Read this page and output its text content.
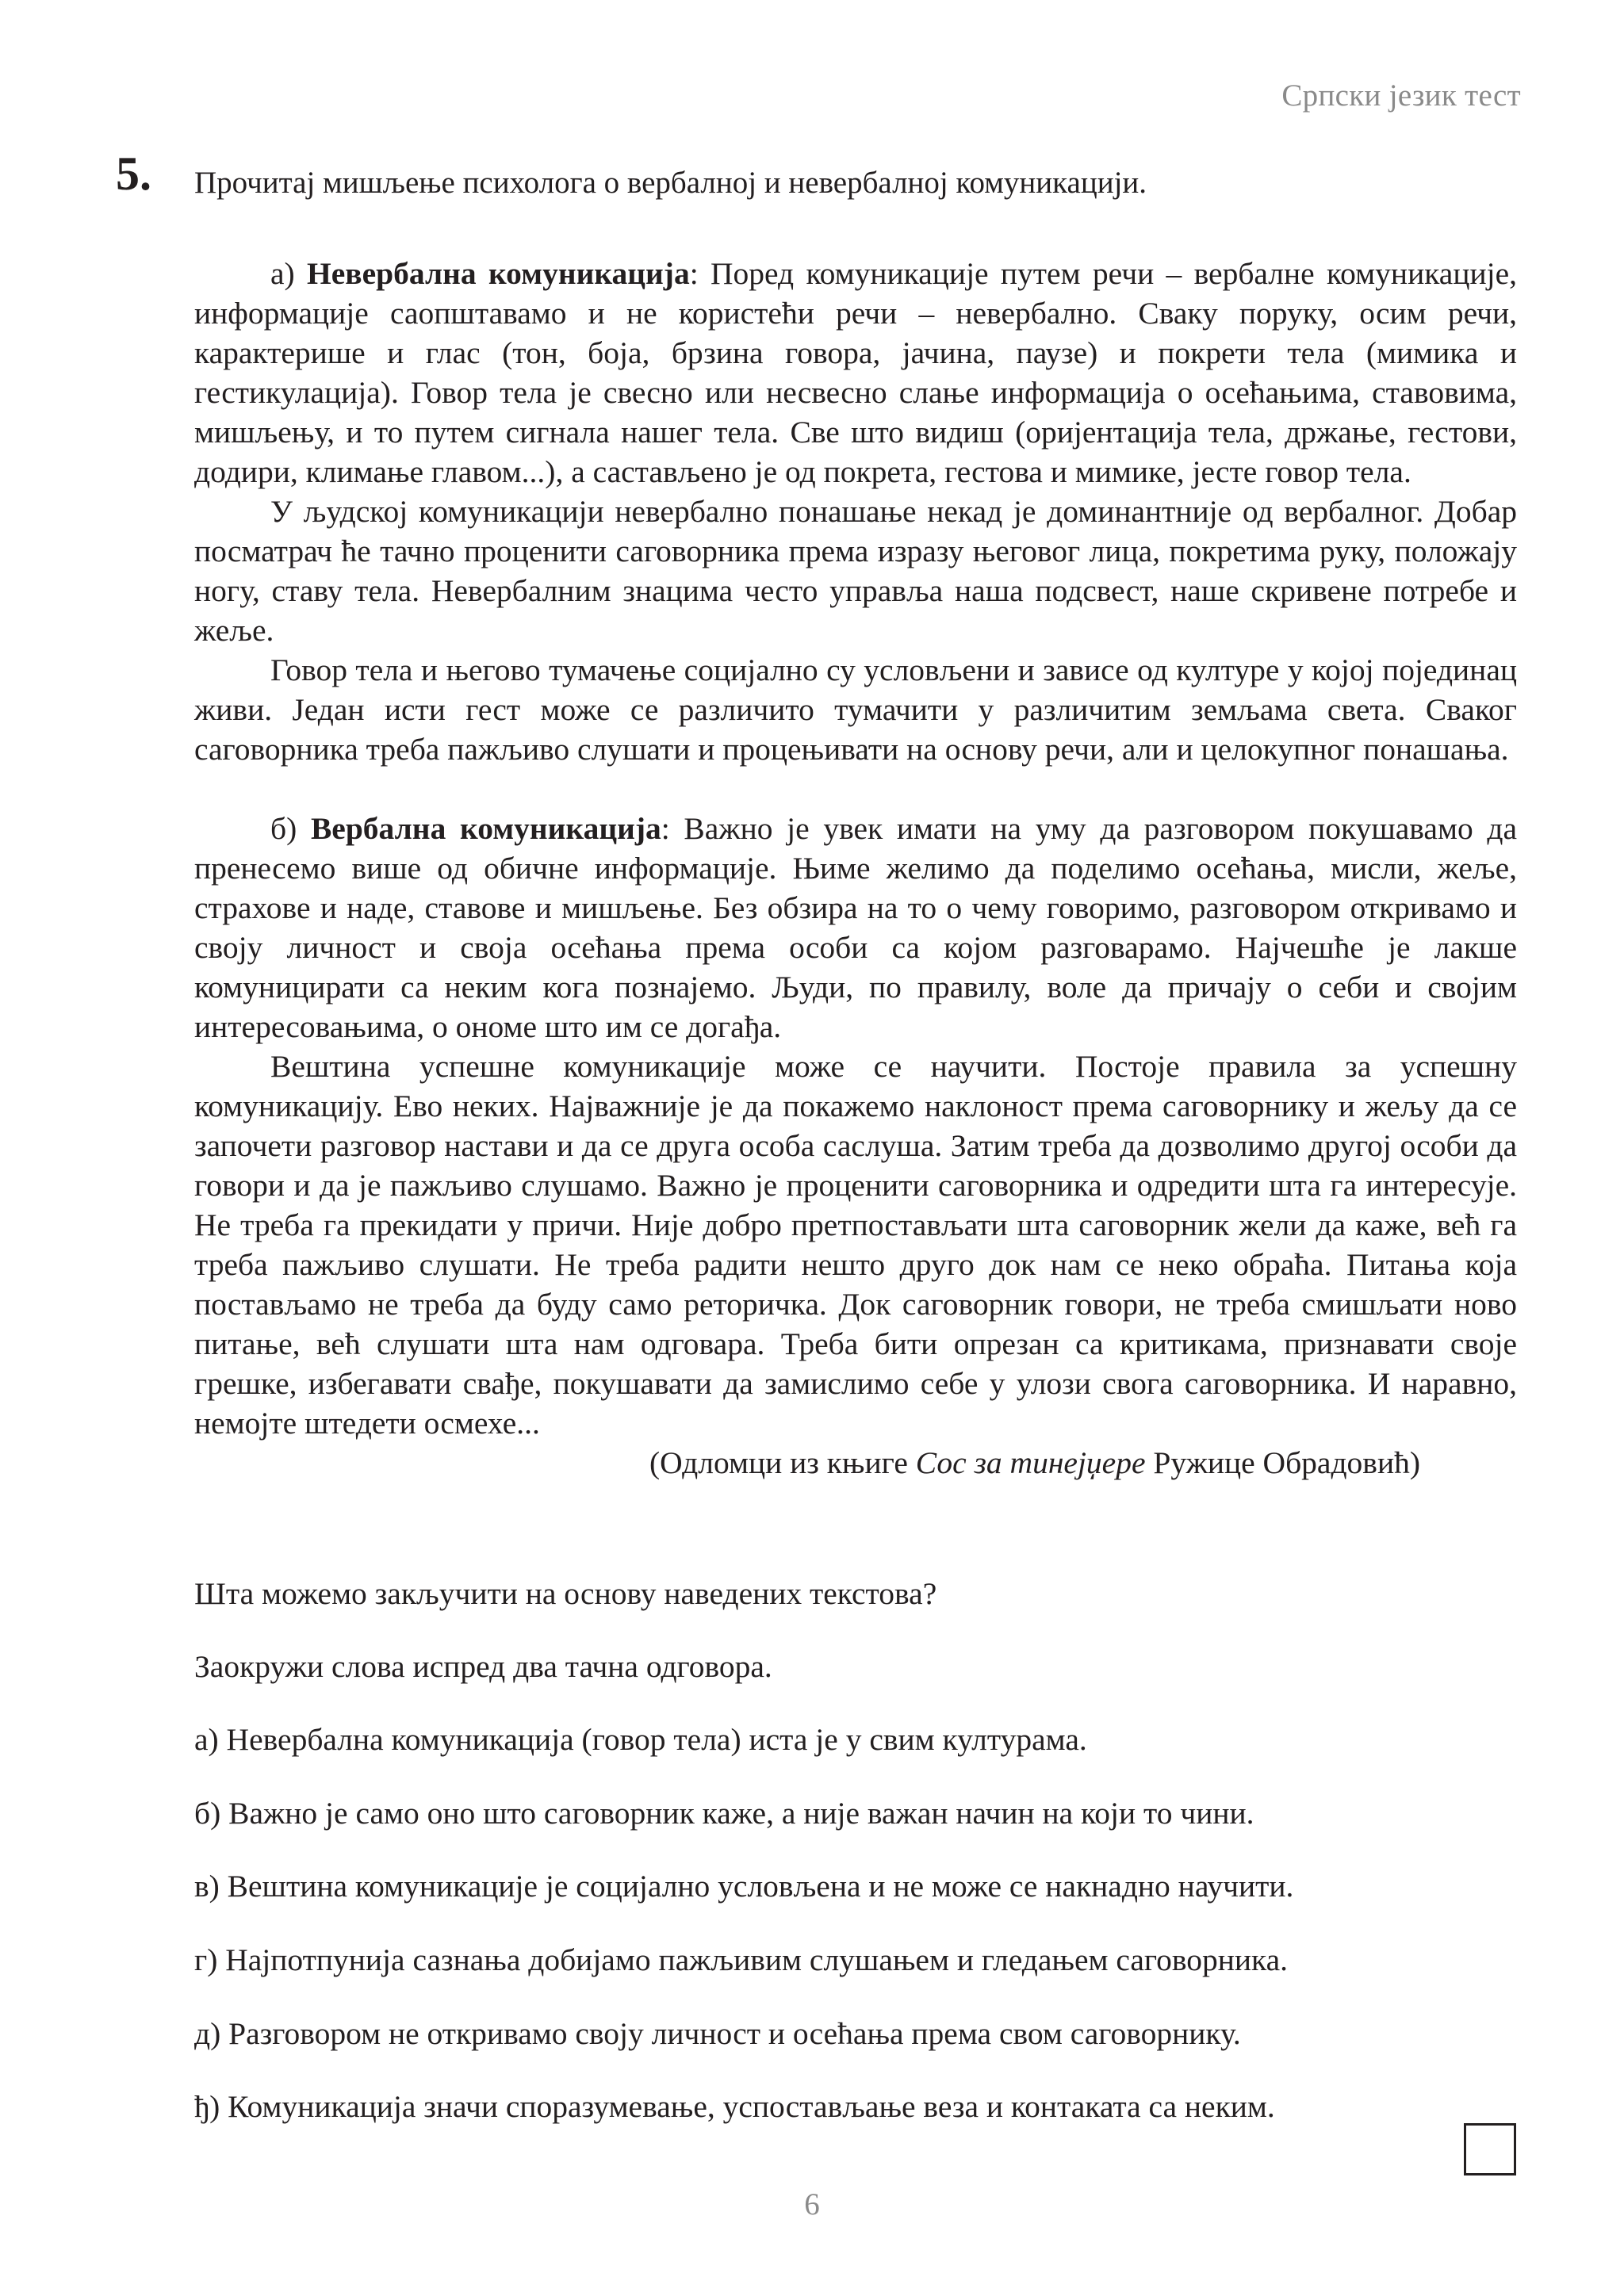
Српски језик тест
5. Прочитај мишљење психолога о вербалној и невербалној комуникацији.

а) Невербална комуникација: Поред комуникације путем речи – вербалне комуникације, информације саопштавамо и не користећи речи – невербално. Сваку поруку, осим речи, карактерише и глас (тон, боја, брзина говора, јачина, паузе) и покрети тела (мимика и гестикулација). Говор тела је свесно или несвесно слање информација о осећањима, ставовима, мишљењу, и то путем сигнала нашег тела. Све што видиш (оријентација тела, држање, гестови, додири, климање главом...), а састављено је од покрета, гестова и мимике, јесте говор тела.

У људској комуникацији невербално понашање некад је доминантније од вербалног. Добар посматрач ће тачно проценити саговорника према изразу његовог лица, покретима руку, положају ногу, ставу тела. Невербалним знацима често управља наша подсвест, наше скривене потребе и жеље.

Говор тела и његово тумачење социјално су условљени и зависе од културе у којој појединац живи. Један исти гест може се различито тумачити у различитим земљама света. Сваког саговорника треба пажљиво слушати и процењивати на основу речи, али и целокупног понашања.

б) Вербална комуникација: Важно је увек имати на уму да разговором покушавамо да пренесемо више од обичне информације. Њиме желимо да поделимо осећања, мисли, жеље, страхове и наде, ставове и мишљење. Без обзира на то о чему говоримо, разговором откривамо и своју личност и своја осећања према особи са којом разговарамо. Најчешће је лакше комуницирати са неким кога познајемо. Људи, по правилу, воле да причају о себи и својим интересовањима, о ономе што им се догађа.

Вештина успешне комуникације може се научити. Постоје правила за успешну комуникацију. Ево неких. Најважније је да покажемо наклоност према саговорнику и жељу да се започети разговор настави и да се друга особа саслуша. Затим треба да дозволимо другој особи да говори и да је пажљиво слушамо. Важно је проценити саговорника и одредити шта га интересује. Не треба га прекидати у причи. Није добро претпостављати шта саговорник жели да каже, већ га треба пажљиво слушати. Не треба радити нешто друго док нам се неко обраћа. Питања која постављамо не треба да буду само реторичка. Док саговорник говори, не треба смишљати ново питање, већ слушати шта нам одговара. Треба бити опрезан са критикама, признавати своје грешке, избегавати свађе, покушавати да замислимо себе у улози свога саговорника. И наравно, немојте штедети осмехе...

(Одломци из књиге Сос за тинејџере Ружице Обрадовић)
Шта можемо закључити на основу наведених текстова?
Заокружи слова испред два тачна одговора.
а) Невербална комуникација (говор тела) иста је у свим културама.
б) Важно је само оно што саговорник каже, а није важан начин на који то чини.
в) Вештина комуникације је социјално условљена и не може се накнадно научити.
г) Најпотпунија сазнања добијамо пажљивим слушањем и гледањем саговорника.
д) Разговором не откривамо своју личност и осећања према свом саговорнику.
ђ) Комуникација значи споразумевање, успостављање веза и контаката са неким.
6
